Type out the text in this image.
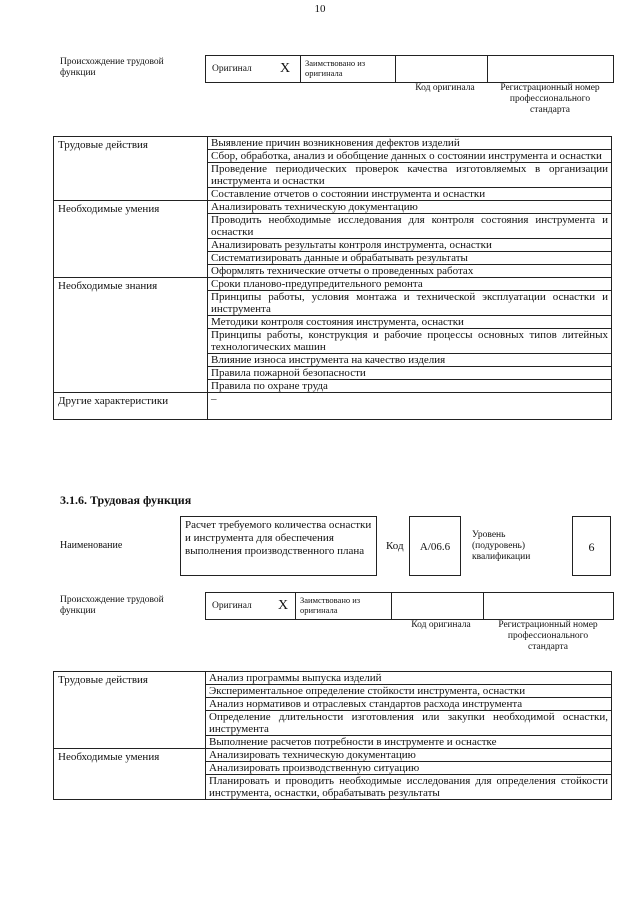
10
Происхождение трудовой функции	Оригинал X Заимствовано из оригинала
Код оригинала	Регистрационный номер профессионального стандарта
Трудовые действия	Выявление причин возникновения дефектов изделий
	Сбор, обработка, анализ и обобщение данных о состоянии инструмента и оснастки
	Проведение периодических проверок качества изготовляемых в организации инструмента и оснастки
	Составление отчетов о состоянии инструмента и оснастки
Необходимые умения	Анализировать техническую документацию
	Проводить необходимые исследования для контроля состояния инструмента и оснастки
	Анализировать результаты контроля инструмента, оснастки
	Систематизировать данные и обрабатывать результаты
	Оформлять технические отчеты о проведенных работах
Необходимые знания	Сроки планово-предупредительного ремонта
	Принципы работы, условия монтажа и технической эксплуатации оснастки и инструмента
	Методики контроля состояния инструмента, оснастки
	Принципы работы, конструкция и рабочие процессы основных типов литейных технологических машин
	Влияние износа инструмента на качество изделия
	Правила пожарной безопасности
	Правила по охране труда
Другие характеристики	–
3.1.6. Трудовая функция
Наименование
Расчет требуемого количества оснастки и инструмента для обеспечения выполнения производственного плана	Код	А/06.6
Уровень (подуровень) квалификации
6
Происхождение трудовой функции	Оригинал X Заимствовано из оригинала
Код оригинала	Регистрационный номер профессионального стандарта
Трудовые действия	Анализ программы выпуска изделий
	Экспериментальное определение стойкости инструмента, оснастки
	Анализ нормативов и отраслевых стандартов расхода инструмента
	Определение длительности изготовления или закупки необходимой оснастки, инструмента
	Выполнение расчетов потребности в инструменте и оснастке
Необходимые умения	Анализировать техническую документацию
	Анализировать производственную ситуацию
	Планировать и проводить необходимые исследования для определения стойкости инструмента, оснастки, обрабатывать результаты
